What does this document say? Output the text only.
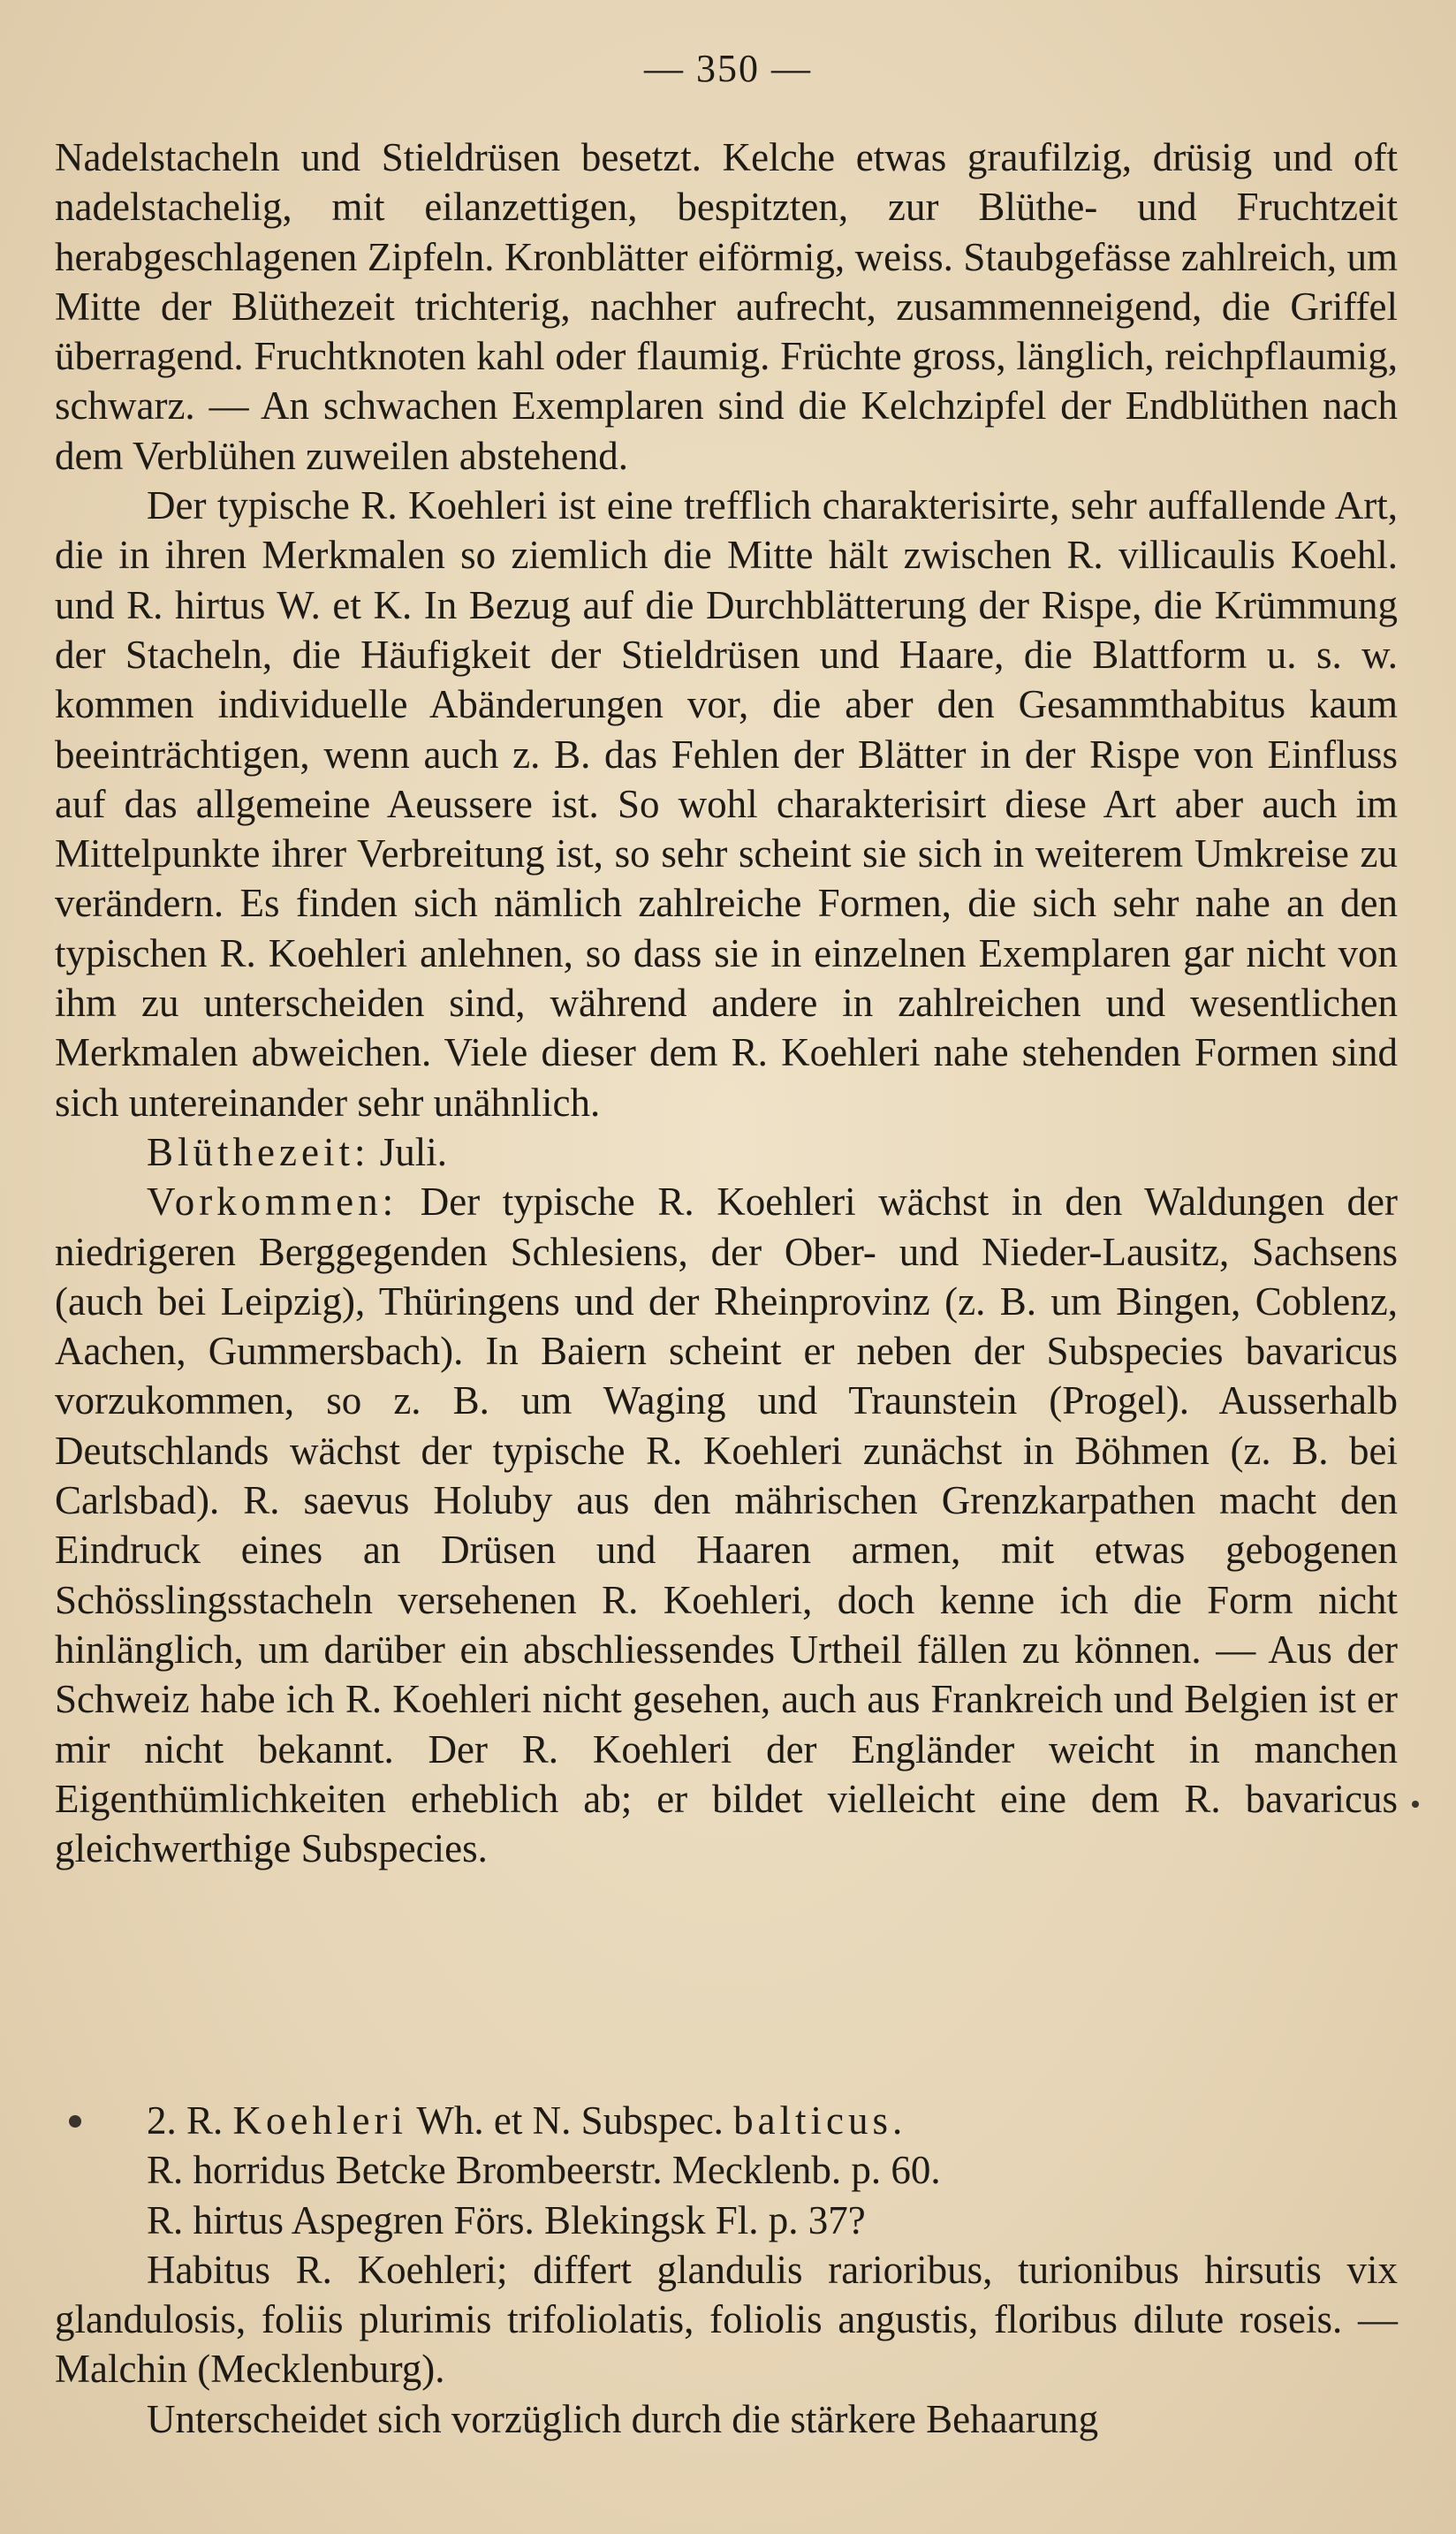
— 350 —

Nadelstacheln und Stieldrüsen besetzt. Kelche etwas graufilzig, drüsig und oft nadelstachelig, mit eilanzettigen, bespitzten, zur Blüthe- und Fruchtzeit herabgeschlagenen Zipfeln. Kronblätter eiförmig, weiss. Staubgefässe zahlreich, um Mitte der Blüthezeit trichterig, nachher aufrecht, zusammenneigend, die Griffel überragend. Fruchtknoten kahl oder flaumig. Früchte gross, länglich, reichpflaumig, schwarz. — An schwachen Exemplaren sind die Kelchzipfel der Endblüthen nach dem Verblühen zuweilen abstehend.

Der typische R. Koehleri ist eine trefflich charakterisirte, sehr auffallende Art, die in ihren Merkmalen so ziemlich die Mitte hält zwischen R. villicaulis Koehl. und R. hirtus W. et K. In Bezug auf die Durchblätterung der Rispe, die Krümmung der Stacheln, die Häufigkeit der Stieldrüsen und Haare, die Blattform u. s. w. kommen individuelle Abänderungen vor, die aber den Gesammthabitus kaum beeinträchtigen, wenn auch z. B. das Fehlen der Blätter in der Rispe von Einfluss auf das allgemeine Aeussere ist. So wohl charakterisirt diese Art aber auch im Mittelpunkte ihrer Verbreitung ist, so sehr scheint sie sich in weiterem Umkreise zu verändern. Es finden sich nämlich zahlreiche Formen, die sich sehr nahe an den typischen R. Koehleri anlehnen, so dass sie in einzelnen Exemplaren gar nicht von ihm zu unterscheiden sind, während andere in zahlreichen und wesentlichen Merkmalen abweichen. Viele dieser dem R. Koehleri nahe stehenden Formen sind sich untereinander sehr unähnlich.

Blüthezeit: Juli.

Vorkommen: Der typische R. Koehleri wächst in den Waldungen der niedrigeren Berggegenden Schlesiens, der Ober- und Nieder-Lausitz, Sachsens (auch bei Leipzig), Thüringens und der Rheinprovinz (z. B. um Bingen, Coblenz, Aachen, Gummersbach). In Baiern scheint er neben der Subspecies bavaricus vorzukommen, so z. B. um Waging und Traunstein (Progel). Ausserhalb Deutschlands wächst der typische R. Koehleri zunächst in Böhmen (z. B. bei Carlsbad). R. saevus Holuby aus den mährischen Grenzkarpathen macht den Eindruck eines an Drüsen und Haaren armen, mit etwas gebogenen Schösslingsstacheln versehenen R. Koehleri, doch kenne ich die Form nicht hinlänglich, um darüber ein abschliessendes Urtheil fällen zu können. — Aus der Schweiz habe ich R. Koehleri nicht gesehen, auch aus Frankreich und Belgien ist er mir nicht bekannt. Der R. Koehleri der Engländer weicht in manchen Eigenthümlichkeiten erheblich ab; er bildet vielleicht eine dem R. bavaricus gleichwerthige Subspecies.

2. R. Koehleri Wh. et N. Subspec. balticus.

R. horridus Betcke Brombeerstr. Mecklenb. p. 60.

R. hirtus Aspegren Förs. Blekingsk Fl. p. 37?

Habitus R. Koehleri; differt glandulis rarioribus, turionibus hirsutis vix glandulosis, foliis plurimis trifoliolatis, foliolis angustis, floribus dilute roseis. — Malchin (Mecklenburg).

Unterscheidet sich vorzüglich durch die stärkere Behaarung
